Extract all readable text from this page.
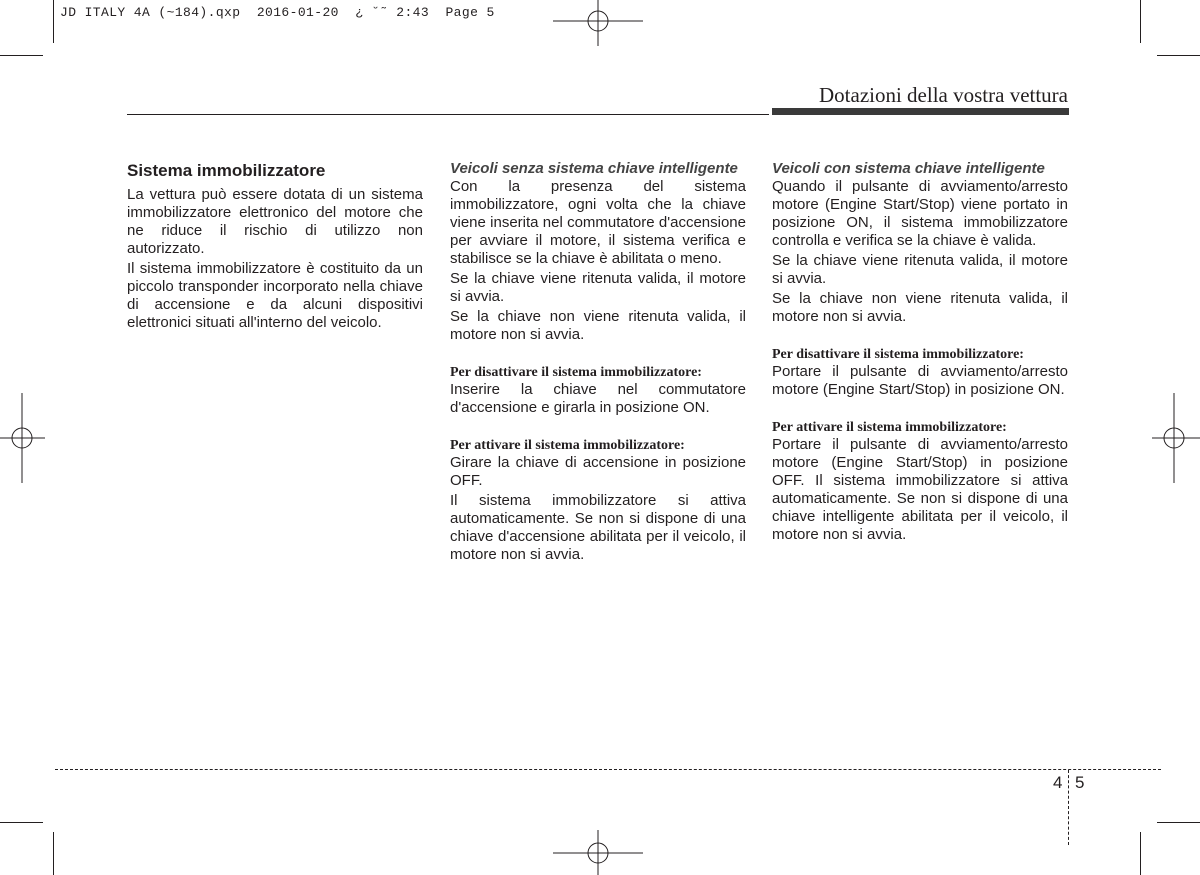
JD ITALY 4A (~184).qxp  2016-01-20  ¿ ˘˜ 2:43  Page 5
Dotazioni della vostra vettura
Sistema immobilizzatore

La vettura può essere dotata di un sistema immobilizzatore elettronico del motore che ne riduce il rischio di utilizzo non autorizzato.

Il sistema immobilizzatore è costituito da un piccolo transponder incorporato nella chiave di accensione e da alcuni dispositivi elettronici situati all'interno del veicolo.

Veicoli senza sistema chiave intelligente

Con la presenza del sistema immobilizzatore, ogni volta che la chiave viene inserita nel commutatore d'accensione per avviare il motore, il sistema verifica e stabilisce se la chiave è abilitata o meno.

Se la chiave viene ritenuta valida, il motore si avvia.

Se la chiave non viene ritenuta valida, il motore non si avvia.

Per disattivare il sistema immobilizzatore:

Inserire la chiave nel commutatore d'accensione e girarla in posizione ON.

Per attivare il sistema immobilizzatore:

Girare la chiave di accensione in posizione OFF.

Il sistema immobilizzatore si attiva automaticamente. Se non si dispone di una chiave d'accensione abilitata per il veicolo, il motore non si avvia.

Veicoli con sistema chiave intelligente

Quando il pulsante di avviamento/arresto motore (Engine Start/Stop) viene portato in posizione ON, il sistema immobilizzatore controlla e verifica se la chiave è valida.

Se la chiave viene ritenuta valida, il motore si avvia.

Se la chiave non viene ritenuta valida, il motore non si avvia.

Per disattivare il sistema immobilizzatore:

Portare il pulsante di avviamento/arresto motore (Engine Start/Stop) in posizione ON.

Per attivare il sistema immobilizzatore:

Portare il pulsante di avviamento/arresto motore (Engine Start/Stop) in posizione OFF. Il sistema immobilizzatore si attiva automaticamente. Se non si dispone di una chiave intelligente abilitata per il veicolo, il motore non si avvia.

4 5
